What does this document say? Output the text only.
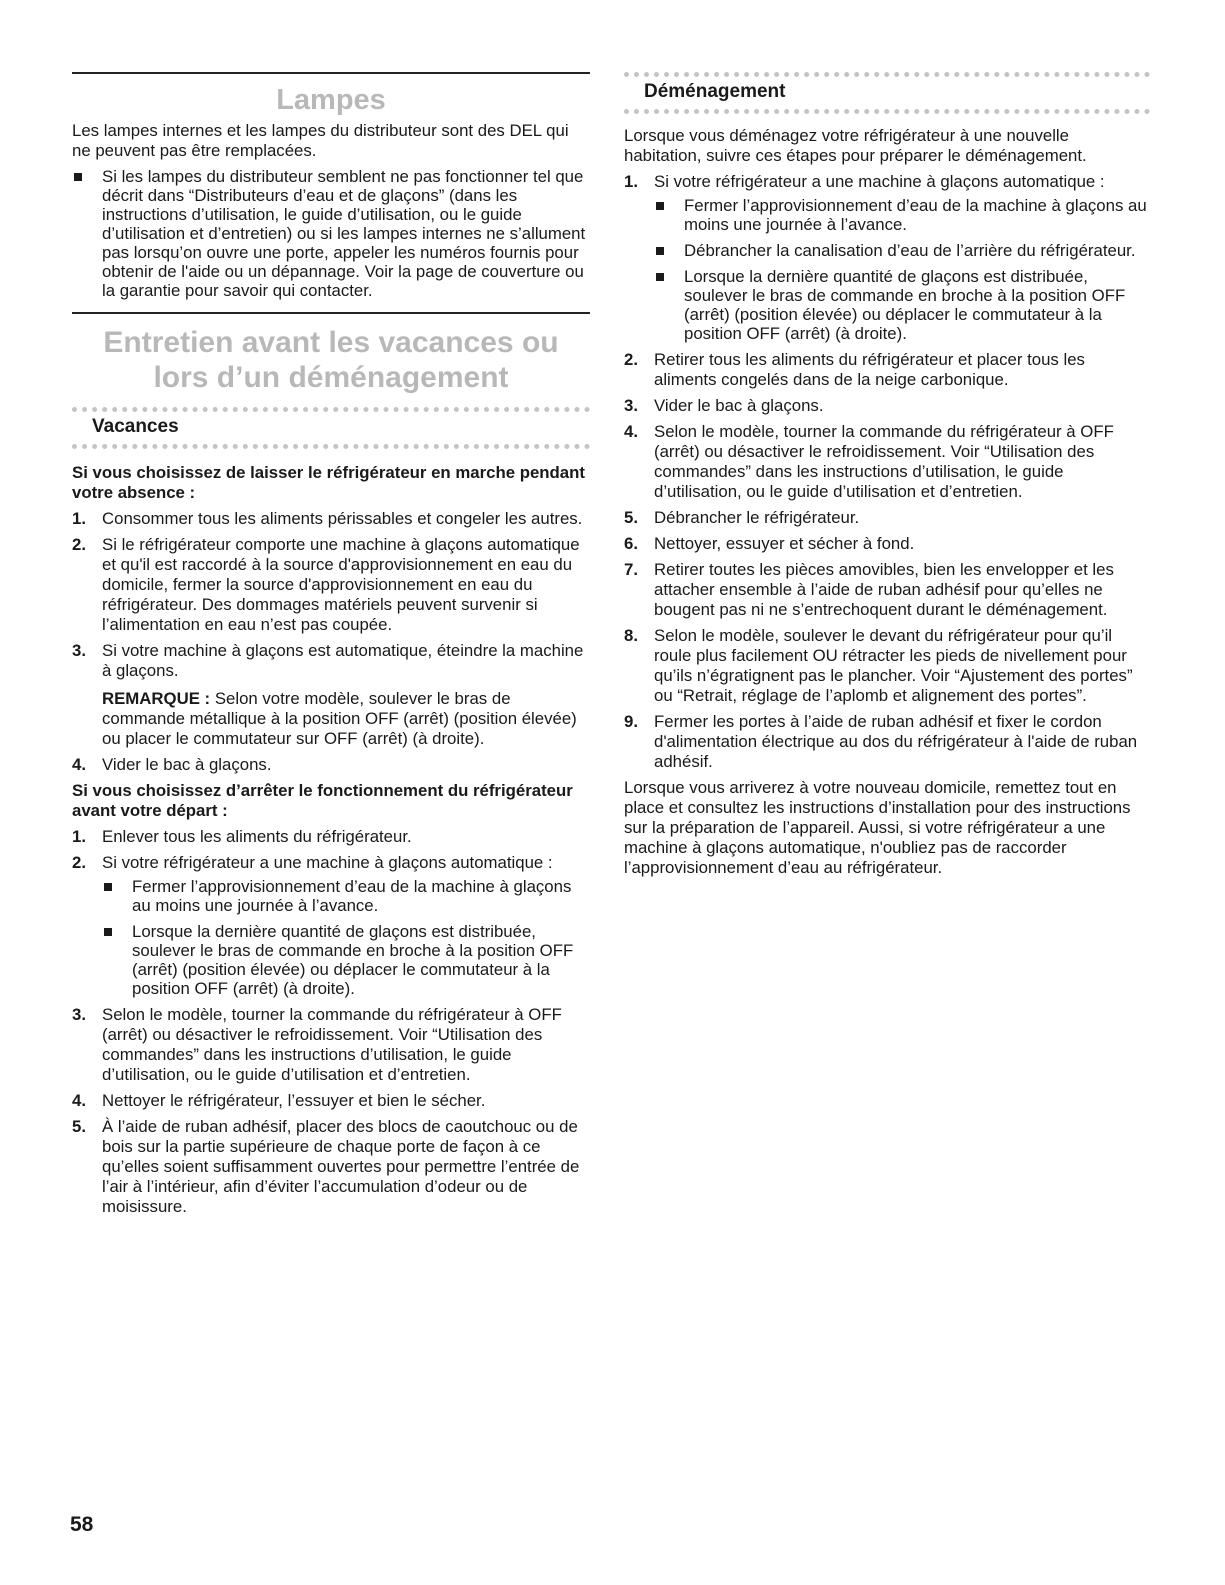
Lampes

Les lampes internes et les lampes du distributeur sont des DEL qui ne peuvent pas être remplacées.

Si les lampes du distributeur semblent ne pas fonctionner tel que décrit dans “Distributeurs d’eau et de glaçons” (dans les instructions d’utilisation, le guide d’utilisation, ou le guide d’utilisation et d’entretien) ou si les lampes internes ne s’allument pas lorsqu’on ouvre une porte, appeler les numéros fournis pour obtenir de l'aide ou un dépannage. Voir la page de couverture ou la garantie pour savoir qui contacter.
Entretien avant les vacances ou
lors d’un déménagement
Vacances

Si vous choisissez de laisser le réfrigérateur en marche pendant votre absence :

1. Consommer tous les aliments périssables et congeler les autres.
2. Si le réfrigérateur comporte une machine à glaçons automatique et qu'il est raccordé à la source d'approvisionnement en eau du domicile, fermer la source d'approvisionnement en eau du réfrigérateur. Des dommages matériels peuvent survenir si l’alimentation en eau n’est pas coupée.
3. Si votre machine à glaçons est automatique, éteindre la machine à glaçons.
REMARQUE : Selon votre modèle, soulever le bras de commande métallique à la position OFF (arrêt) (position élevée) ou placer le commutateur sur OFF (arrêt) (à droite).
4. Vider le bac à glaçons.

Si vous choisissez d’arrêter le fonctionnement du réfrigérateur avant votre départ :

1. Enlever tous les aliments du réfrigérateur.
2. Si votre réfrigérateur a une machine à glaçons automatique :
Fermer l’approvisionnement d’eau de la machine à glaçons au moins une journée à l’avance.
Lorsque la dernière quantité de glaçons est distribuée, soulever le bras de commande en broche à la position OFF (arrêt) (position élevée) ou déplacer le commutateur à la position OFF (arrêt) (à droite).
3. Selon le modèle, tourner la commande du réfrigérateur à OFF (arrêt) ou désactiver le refroidissement. Voir “Utilisation des commandes” dans les instructions d’utilisation, le guide d’utilisation, ou le guide d’utilisation et d’entretien.
4. Nettoyer le réfrigérateur, l’essuyer et bien le sécher.
5. À l’aide de ruban adhésif, placer des blocs de caoutchouc ou de bois sur la partie supérieure de chaque porte de façon à ce qu’elles soient suffisamment ouvertes pour permettre l’entrée de l’air à l’intérieur, afin d’éviter l’accumulation d’odeur ou de moisissure.
Déménagement

Lorsque vous déménagez votre réfrigérateur à une nouvelle habitation, suivre ces étapes pour préparer le déménagement.

1. Si votre réfrigérateur a une machine à glaçons automatique :
Fermer l’approvisionnement d’eau de la machine à glaçons au moins une journée à l’avance.
Débrancher la canalisation d’eau de l’arrière du réfrigérateur.
Lorsque la dernière quantité de glaçons est distribuée, soulever le bras de commande en broche à la position OFF (arrêt) (position élevée) ou déplacer le commutateur à la position OFF (arrêt) (à droite).
2. Retirer tous les aliments du réfrigérateur et placer tous les aliments congelés dans de la neige carbonique.
3. Vider le bac à glaçons.
4. Selon le modèle, tourner la commande du réfrigérateur à OFF (arrêt) ou désactiver le refroidissement. Voir “Utilisation des commandes” dans les instructions d’utilisation, le guide d’utilisation, ou le guide d’utilisation et d’entretien.
5. Débrancher le réfrigérateur.
6. Nettoyer, essuyer et sécher à fond.
7. Retirer toutes les pièces amovibles, bien les envelopper et les attacher ensemble à l’aide de ruban adhésif pour qu’elles ne bougent pas ni ne s’entrechoquent durant le déménagement.
8. Selon le modèle, soulever le devant du réfrigérateur pour qu’il roule plus facilement OU rétracter les pieds de nivellement pour qu’ils n’égratignent pas le plancher. Voir “Ajustement des portes” ou “Retrait, réglage de l’aplomb et alignement des portes”.
9. Fermer les portes à l’aide de ruban adhésif et fixer le cordon d'alimentation électrique au dos du réfrigérateur à l'aide de ruban adhésif.

Lorsque vous arriverez à votre nouveau domicile, remettez tout en place et consultez les instructions d’installation pour des instructions sur la préparation de l’appareil. Aussi, si votre réfrigérateur a une machine à glaçons automatique, n'oubliez pas de raccorder l’approvisionnement d’eau au réfrigérateur.

58
